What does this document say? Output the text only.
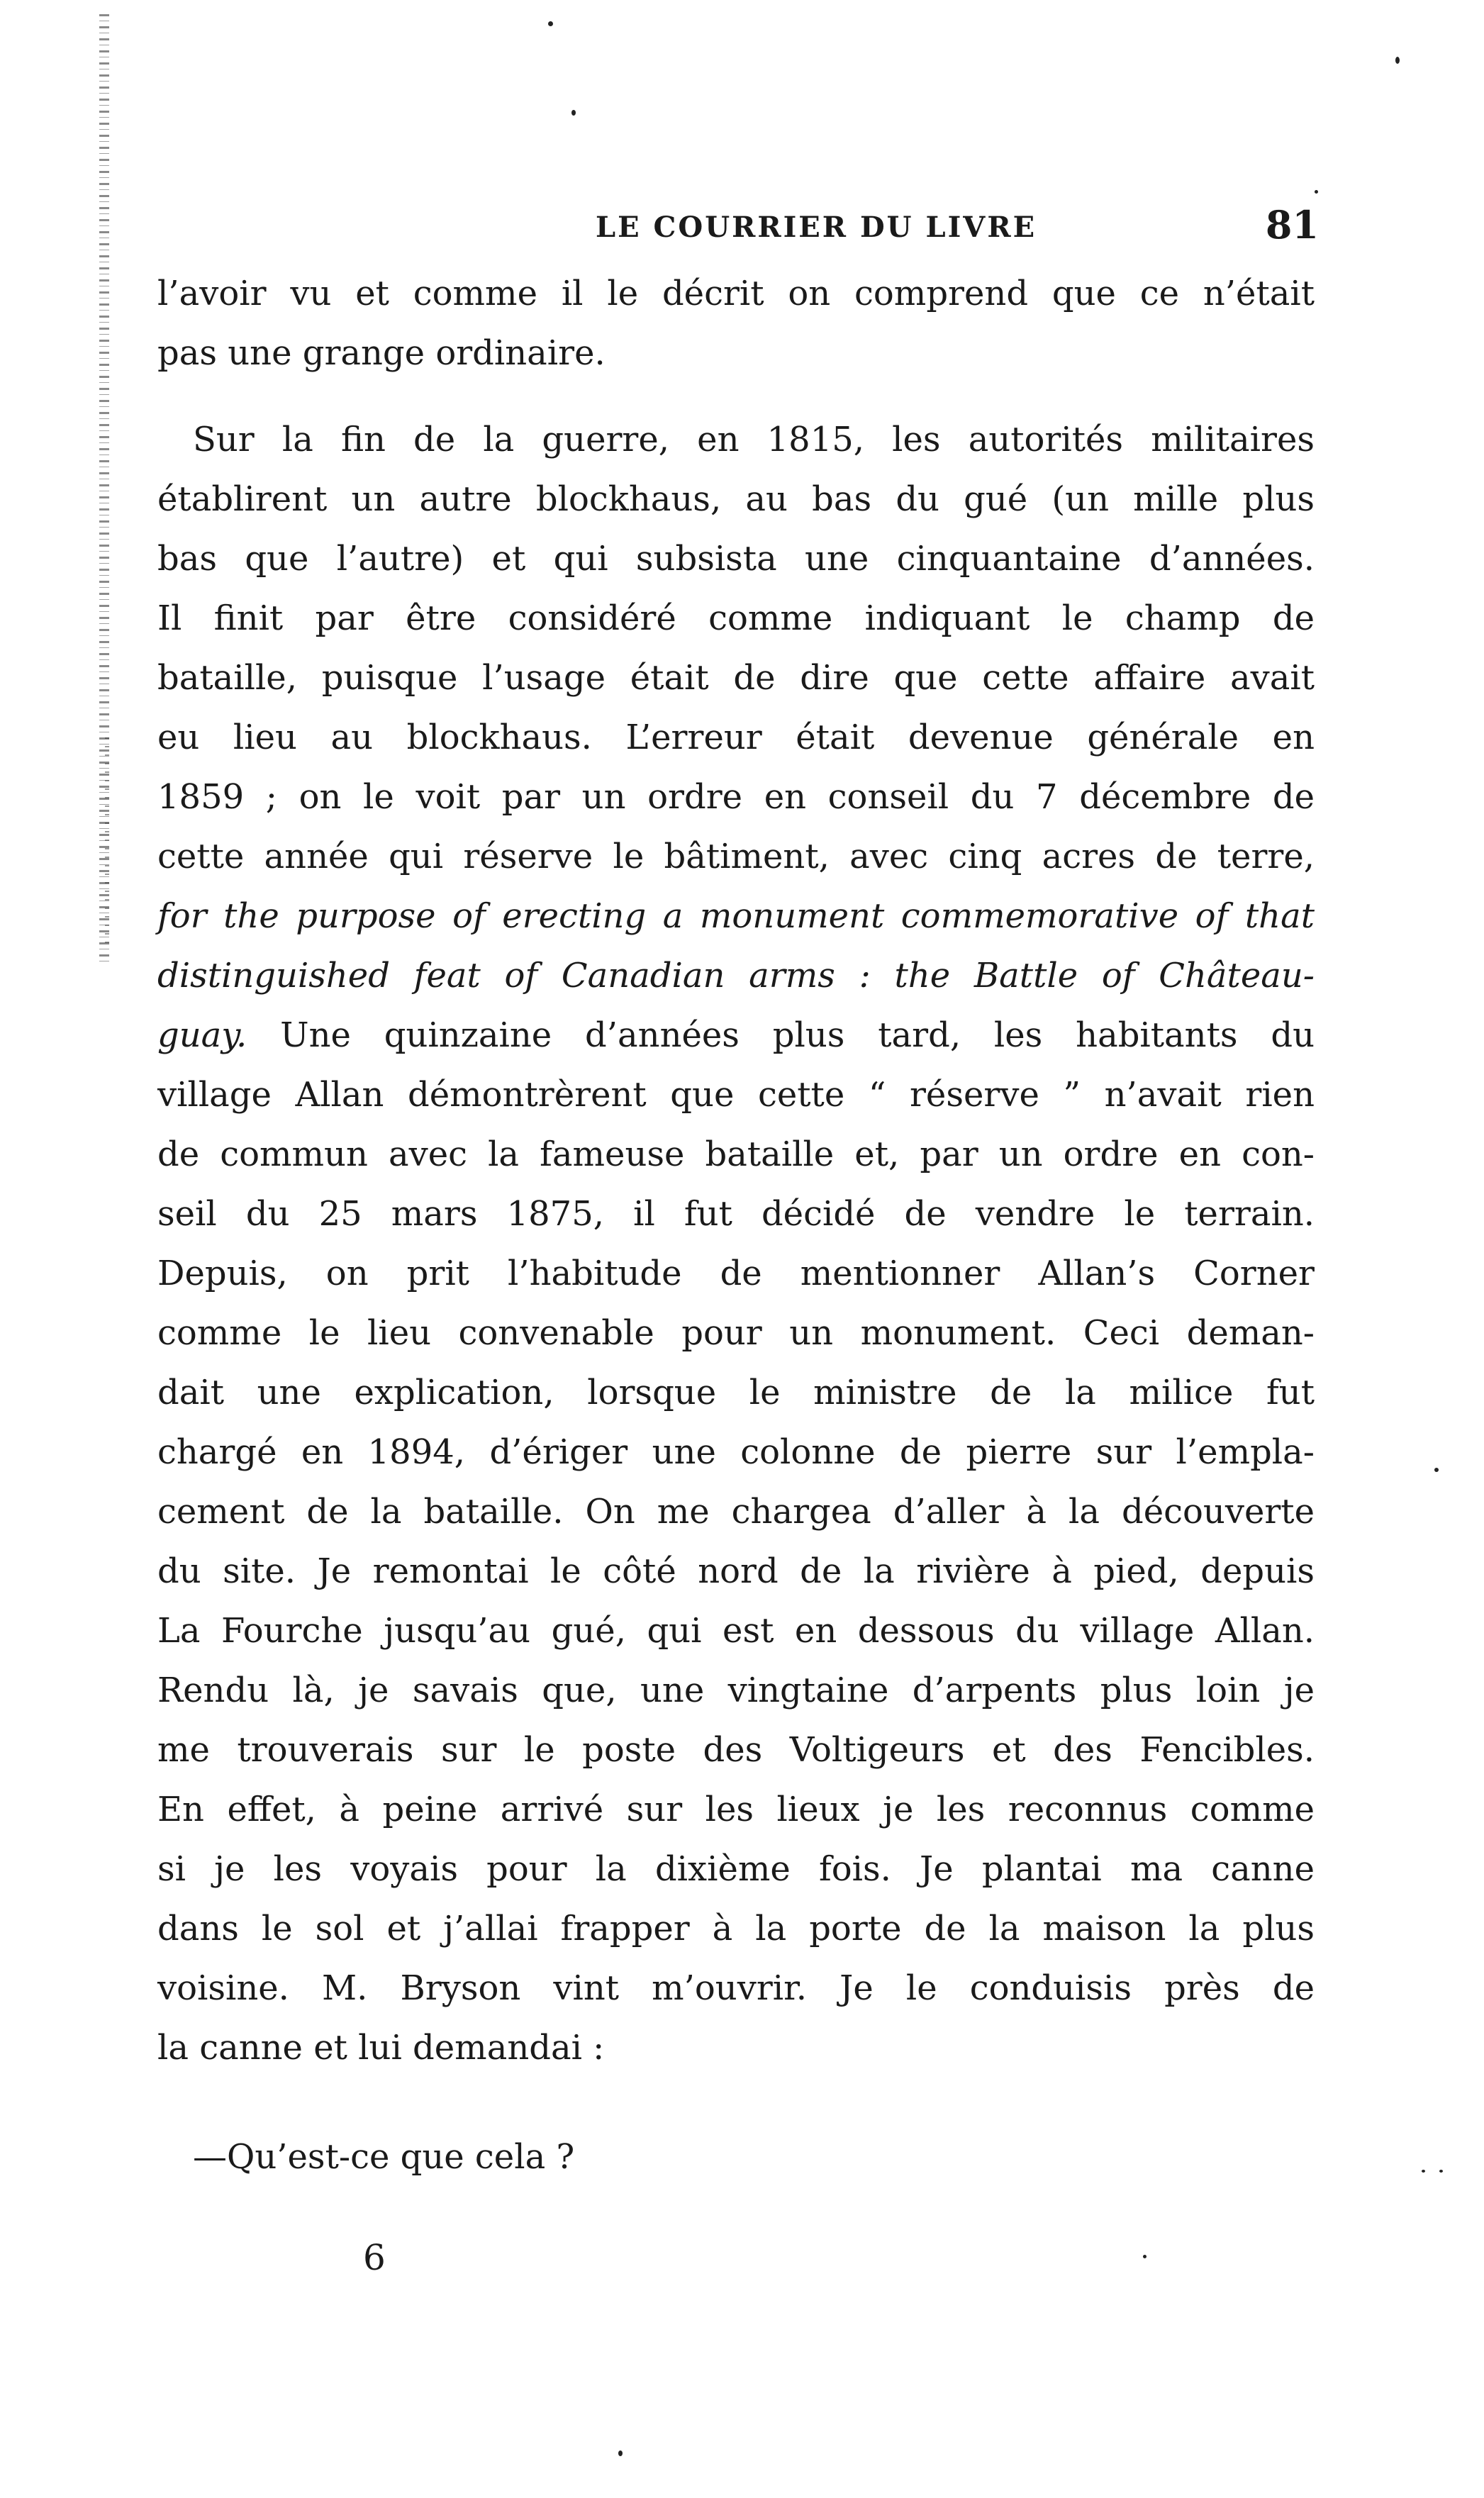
LE COURRIER DU LIVRE	81
l’avoir vu et comme il le décrit on comprend que ce n’était
pas une grange ordinaire.
Sur la fin de la guerre, en 1815, les autorités militaires
établirent un autre blockhaus, au bas du gué (un mille plus
bas que l’autre) et qui subsista une cinquantaine d’années.
Il finit par être considéré comme indiquant le champ de
bataille, puisque l’usage était de dire que cette affaire avait
eu lieu au blockhaus. L’erreur était devenue générale en
1859 ; on le voit par un ordre en conseil du 7 décembre de
cette année qui réserve le bâtiment, avec cinq acres de terre,
for the purpose of erecting a monument commemorative of that
distinguished feat of Canadian arms : the Battle of Château-
guay. Une quinzaine d’années plus tard, les habitants du
village Allan démontrèrent que cette “ réserve ” n’avait rien
de commun avec la fameuse bataille et, par un ordre en con-
seil du 25 mars 1875, il fut décidé de vendre le terrain.
Depuis, on prit l’habitude de mentionner Allan’s Corner
comme le lieu convenable pour un monument. Ceci deman-
dait une explication, lorsque le ministre de la milice fut
chargé en 1894, d’ériger une colonne de pierre sur l’empla-
cement de la bataille. On me chargea d’aller à la découverte
du site. Je remontai le côté nord de la rivière à pied, depuis
La Fourche jusqu’au gué, qui est en dessous du village Allan.
Rendu là, je savais que, une vingtaine d’arpents plus loin je
me trouverais sur le poste des Voltigeurs et des Fencibles.
En effet, à peine arrivé sur les lieux je les reconnus comme
si je les voyais pour la dixième fois. Je plantai ma canne
dans le sol et j’allai frapper à la porte de la maison la plus
voisine. M. Bryson vint m’ouvrir. Je le conduisis près de
la canne et lui demandai :
—Qu’est-ce que cela ?
6
